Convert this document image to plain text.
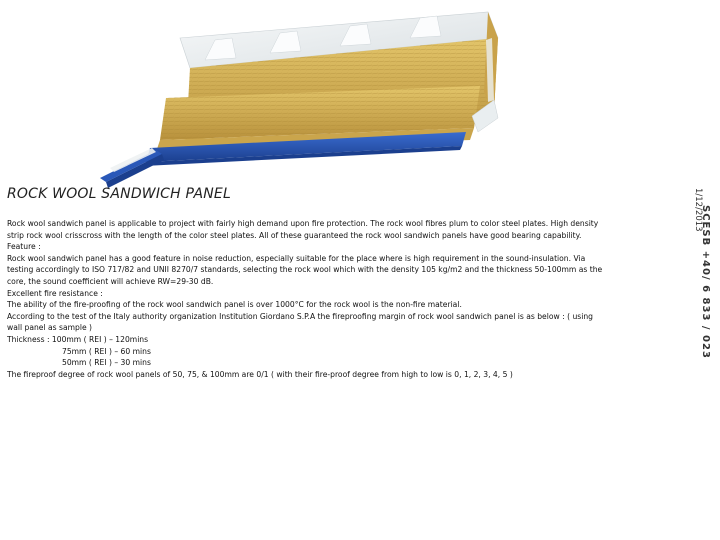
ROCK WOOL SANDWICH PANEL
Rock wool sandwich panel is applicable to project with fairly high demand upon fire protection. The rock wool fibres plum to color steel plates. High density
strip rock wool crisscross with the length of the color steel plates. All of these guaranteed the rock wool sandwich panels have good bearing capability.
Feature :
Rock wool sandwich panel has a good feature in noise reduction, especially suitable for the place where is high requirement in the sound-insulation. Via
testing accordingly to ISO 717/82 and UNII 8270/7 standards, selecting the rock wool which with the density 105 kg/m2 and the thickness 50-100mm as the
core, the sound coefficient will achieve RW=29-30 dB.
Excellent fire resistance :
The ability of the fire-proofing of the rock wool sandwich panel is over 1000°C for the rock wool is the non-fire material.
According to the test of the Italy authority organization Institution Giordano S.P.A the fireproofing margin of rock wool sandwich panel is as below : ( using
wall panel as sample )
Thickness : 100mm ( REI ) – 120mins
75mm ( REI ) – 60 mins
50mm ( REI ) – 30 mins
The fireproof degree of rock wool panels of 50, 75, & 100mm are 0/1 ( with their fire-proof degree from high to low is 0, 1, 2, 3, 4, 5 )
1/12/2013
SCESB +40/ 6 833 / 023
